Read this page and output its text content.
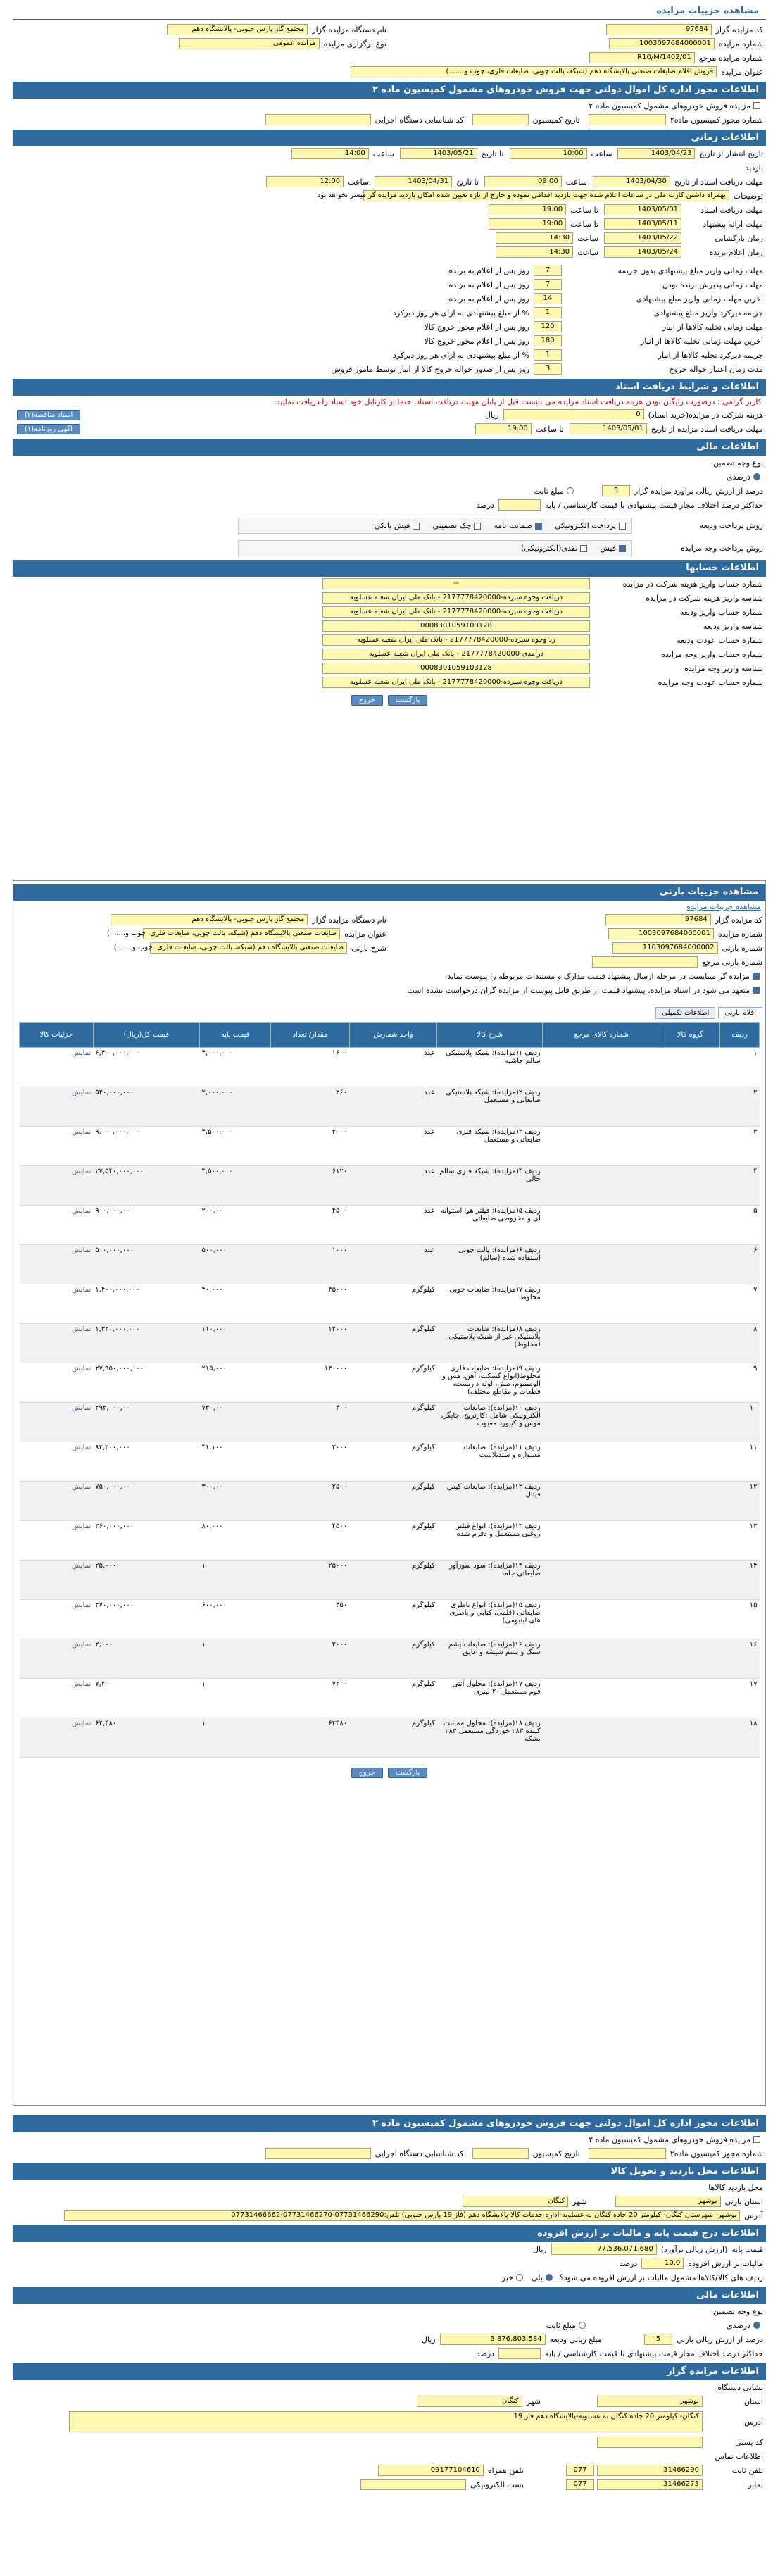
مشاهده جزییات مزایده
کد مزایده گزار
97684
شماره مزایده
1003097684000001
شماره مزایده مرجع
R10/M/1402/01
نام دستگاه مزایده گزار
مجتمع گاز پارس جنوبی- پالایشگاه دهم
نوع برگزاری مزایده
مزایده عمومی
عنوان مزایده
فروش اقلام ضایعات صنعتی پالایشگاه دهم (شبکه، پالت چوبی، ضایعات فلزی، چوب و.......)
اطلاعات مجوز اداره کل اموال دولتی جهت فروش خودروهای مشمول کمیسیون ماده ۲
مزایده فروش خودروهای مشمول کمیسیون ماده ۲
شماره مجوز کمیسیون ماده۲
تاریخ کمیسیون
کد شناسایی دستگاه اجرایی
اطلاعات زمانی
تاریخ انتشار از تاریخ
1403/04/23
ساعت
10:00
تا تاریخ
1403/05/21
ساعت
14:00
بازدید
مهلت دریافت اسناد از تاریخ
1403/04/30
ساعت
09:00
تا تاریخ
1403/04/31
ساعت
12:00
توضیحات
بهمراه داشتن کارت ملی در ساعات اعلام شده جهت بازدید اقدامی نموده و خارج از بازه تعیین شده امکان بازدید مزایده گر میسر نخواهد بود
مهلت دریافت اسناد
1403/05/01
تا ساعت
19:00
مهلت ارائه پیشنهاد
1403/05/11
تا ساعت
19:00
زمان بازگشایی
1403/05/22
ساعت
14:30
زمان اعلام برنده
1403/05/24
ساعت
14:30
مهلت زمانی واریز مبلغ پیشنهادی بدون جریمه
7
روز پس از اعلام به برنده
مهلت زمانی پذیرش برنده بودن
7
روز پس از اعلام به برنده
اخرین مهلت زمانی واریز مبلغ پیشنهادی
14
روز پس از اعلام به برنده
جریمه دیرکرد واریز مبلغ پیشنهادی
1
% از مبلغ پیشنهادی به ازای هر روز دیرکرد
مهلت زمانی تخلیه کالاها از انبار
120
روز پس از اعلام مجوز خروج کالا
آخرین مهلت زمانی تخلیه کالاها از انبار
180
روز پس از اعلام مجوز خروج کالا
جریمه دیرکرد تخلیه کالاها از انبار
1
% از مبلغ پیشنهادی به ازای هر روز دیرکرد
مدت زمان اعتبار حواله خروج
3
روز پس از صدور حواله خروج کالا از انبار توسط مامور فروش
اطلاعات و شرایط دریافت اسناد
کاربر گرامی : درصورت رایگان بودن هزینه دریافت اسناد مزایده می بایست قبل از پایان مهلت دریافت اسناد، حتما از کارتابل خود اسناد را دریافت نمایید.
هزینه شرکت در مزایده(خرید اسناد)
0
ریال
اسناد مناقصه(۲)
مهلت دریافت اسناد مزایده از تاریخ
1403/05/01
تا ساعت
19:00
آگهی روزنامه(۱)
اطلاعات مالی
نوع وجه تضمین
درصدی
درصد از ارزش ریالی برآورد مزایده گزار
5
مبلغ ثابت
حداکثر درصد اختلاف مجاز قیمت پیشنهادی با قیمت کارشناسی / پایه
درصد
روش پرداخت ودیعه
پرداخت الکترونیکی
ضمانت نامه
چک تضمینی
فیش بانکی
روش پرداخت وجه مزایده
فیش
نقدی(الکترونیکی)
اطلاعات حسابها
شماره حساب واریز هزینه شرکت در مزایده
--
شناسه واریز هزینه شرکت در مزایده
دریافت وجوه سپرده-2177778420000 - بانک ملی ایران شعبه عسلویه
شماره حساب واریز ودیعه
دریافت وجوه سپرده-2177778420000 - بانک ملی ایران شعبه عسلویه
شناسه واریز ودیعه
0008301059103128
شماره حساب عودت ودیعه
رد وجوه سپرده-2177778420000 - بانک ملی ایران شعبه عسلویه
شماره حساب واریز وجه مزایده
درآمدی-2177778420000 - بانک ملی ایران شعبه عسلویه
شناسه واریز وجه مزایده
0008301059103128
شماره حساب عودت وجه مزایده
دریافت وجوه سپرده-2177778420000 - بانک ملی ایران شعبه عسلویه
بازگشت خروج
مشاهده جزییات بارنی
مشاهده جزییات مزایده
کد مزایده گزار
97684
شماره مزایده
1003097684000001
شماره بارنی
1103097684000002
شماره بارنی مرجع
نام دستگاه مزایده گزار
مجتمع گاز پارس جنوبی- پالایشگاه دهم
عنوان مزایده
ضایعات صنعتی پالایشگاه دهم (شبکه، پالت چوبی، ضایعات فلزی، چوب و.......)
شرح بارنی
ضایعات صنعتی پالایشگاه دهم (شبکه، پالت چوبی، ضایعات فلزی، چوب و.......)
مزایده گر میبایست در مرحله ارسال پیشنهاد قیمت مدارک و مستندات مربوطه را پیوست نماید.
متعهد می شود در اسناد مزایده، پیشنهاد قیمت از طریق فایل پیوست از مزایده گران درخواست نشده است.
اقلام بارنی
اطلاعات تکمیلی
ردیف	گروه کالا	شماره کالای مرجع	شرح کالا	واحد شمارش	مقدار/ تعداد	قیمت پایه	قیمت کل(ریال)	جزئیات کالا
۱			ردیف ۱(مزایده): شبکه پلاستیکی سالم حاشیه	عدد	۱۶۰۰	۴,۰۰۰,۰۰۰	۶,۴۰۰,۰۰۰,۰۰۰	نمایش
۲			ردیف ۲(مزایده): شبکه پلاستیکی ضایعاتی و مستعمل	عدد	۲۶۰	۲,۰۰۰,۰۰۰	۵۲۰,۰۰۰,۰۰۰	نمایش
۳			ردیف ۳(مزایده): شبکه فلزی ضایعاتی و مستعمل	عدد	۲۰۰۰	۴,۵۰۰,۰۰۰	۹,۰۰۰,۰۰۰,۰۰۰	نمایش
۴			ردیف ۴(مزایده): شبکه فلزی سالم خالی	عدد	۶۱۲۰	۴,۵۰۰,۰۰۰	۲۷,۵۴۰,۰۰۰,۰۰۰	نمایش
۵			ردیف ۵(مزایده): فیلتر هوا استوانه ای و مخروطی ضایعاتی	عدد	۴۵۰۰	۲۰۰,۰۰۰	۹۰۰,۰۰۰,۰۰۰	نمایش
۶			ردیف ۶(مزایده): پالت چوبی استفاده شده (سالم)	عدد	۱۰۰۰	۵۰۰,۰۰۰	۵۰۰,۰۰۰,۰۰۰	نمایش
۷			ردیف ۷(مزایده): ضایعات چوبی مخلوط	کیلوگرم	۳۵۰۰۰	۴۰,۰۰۰	۱,۴۰۰,۰۰۰,۰۰۰	نمایش
۸			ردیف ۸(مزایده): ضایعات پلاستیکی غیر از شبکه پلاستیکی (مخلوط)	کیلوگرم	۱۲۰۰۰	۱۱۰,۰۰۰	۱,۳۲۰,۰۰۰,۰۰۰	نمایش
۹			ردیف ۹(مزایده): ضایعات فلزی مخلوط(انواع گسکت، آهن، مس و آلومینیوم، مش، لوله داربست، قطعات و مقاطع مختلف)	کیلوگرم	۱۳۰۰۰۰	۲۱۵,۰۰۰	۲۷,۹۵۰,۰۰۰,۰۰۰	نمایش
۱۰			ردیف ۱۰(مزایده): ضایعات الکترونیکی شامل :کارتریج، چاپگر، موس و کیبورد معیوب	کیلوگرم	۴۰۰	۷۳۰,۰۰۰	۲۹۲,۰۰۰,۰۰۰	نمایش
۱۱			ردیف ۱۱(مزایده): ضایعات مسواره و ستدیلاست	کیلوگرم	۲۰۰۰	۴۱,۱۰۰	۸۲,۲۰۰,۰۰۰	نمایش
۱۲			ردیف ۱۲(مزایده): ضایعات کیس فیتال	کیلوگرم	۲۵۰۰	۳۰۰,۰۰۰	۷۵۰,۰۰۰,۰۰۰	نمایش
۱۳			ردیف ۱۳(مزایده): انواع فیلتر روغنی مستعمل و دفرم شده	کیلوگرم	۴۵۰۰	۸۰,۰۰۰	۳۶۰,۰۰۰,۰۰۰	نمایش
۱۴			ردیف ۱۴(مزایده): سود سوزآور ضایعاتی جامد	کیلوگرم	۲۵۰۰۰	۱	۲۵,۰۰۰	نمایش
۱۵			ردیف ۱۵(مزایده): انواع باطری ضایعاتی (قلمی، کتابی و باطری های لیتیومی)	کیلوگرم	۴۵۰	۶۰۰,۰۰۰	۲۷۰,۰۰۰,۰۰۰	نمایش
۱۶			ردیف ۱۶(مزایده): ضایعات پشم سنگ و پشم شیشه و عایق	کیلوگرم	۲۰۰۰	۱	۲,۰۰۰	نمایش
۱۷			ردیف ۱۷(مزایده): محلول آنتی فوم مستعمل ۲۰ لیتری	کیلوگرم	۷۲۰۰	۱	۷,۲۰۰	نمایش
۱۸			ردیف ۱۸(مزایده): محلول مماتنت کننده ۲۸۳ خوردگی مستعمل ۲۸۳ بشکه	کیلوگرم	۶۲۴۸۰	۱	۶۲,۴۸۰	نمایش
بازگشت خروج
اطلاعات مجوز اداره کل اموال دولتی جهت فروش خودروهای مشمول کمیسیون ماده ۲
مزایده فروش خودروهای مشمول کمیسیون ماده ۲
شماره مجوز کمیسیون ماده۲
تاریخ کمیسیون
کد شناسایی دستگاه اجرایی
اطلاعات محل بازدید و تحویل کالا
محل بازدید کالاها
استان بارنی
بوشهر
شهر
کنگان
آدرس
بوشهر- شهرستان کنگان- کیلومتر 20 جاده کنگان به عسلویه-اداره خدمات کالا-پالایشگاه دهم (فاز 19 پارس جنوبی) تلفن:07731466290-07731466270-07731466662
اطلاعات درج قیمت پایه و مالیات بر ارزش افزوده
قیمت پایه
(ارزش ریالی برآورد)
77,536,071,680
ریال
مالیات بر ارزش افزوده
10.0
درصد
ردیف های کالا/کالاها مشمول مالیات بر ارزش افزوده می شود؟
بلی
خیر
اطلاعات مالی
نوع وجه تضمین
درصدی
مبلغ ثابت
درصد از ارزش ریالی بارنی
5
مبلغ ریالی ودیعه
3,876,803,584
ریال
حداکثر درصد اختلاف مجاز قیمت پیشنهادی با قیمت کارشناسی / پایه
درصد
اطلاعات مزایده گزار
نشانی دستگاه
استان
بوشهر
شهر
کنگان
آدرس
کنگان- کیلومتر 20 جاده کنگان به عسلویه-پالایشگاه دهم فاز 19
کد پستی
اطلاعات تماس
تلفن ثابت
31466290
077
تلفن همراه
09177104610
نمابر
31466273
077
پست الکترونیکی
